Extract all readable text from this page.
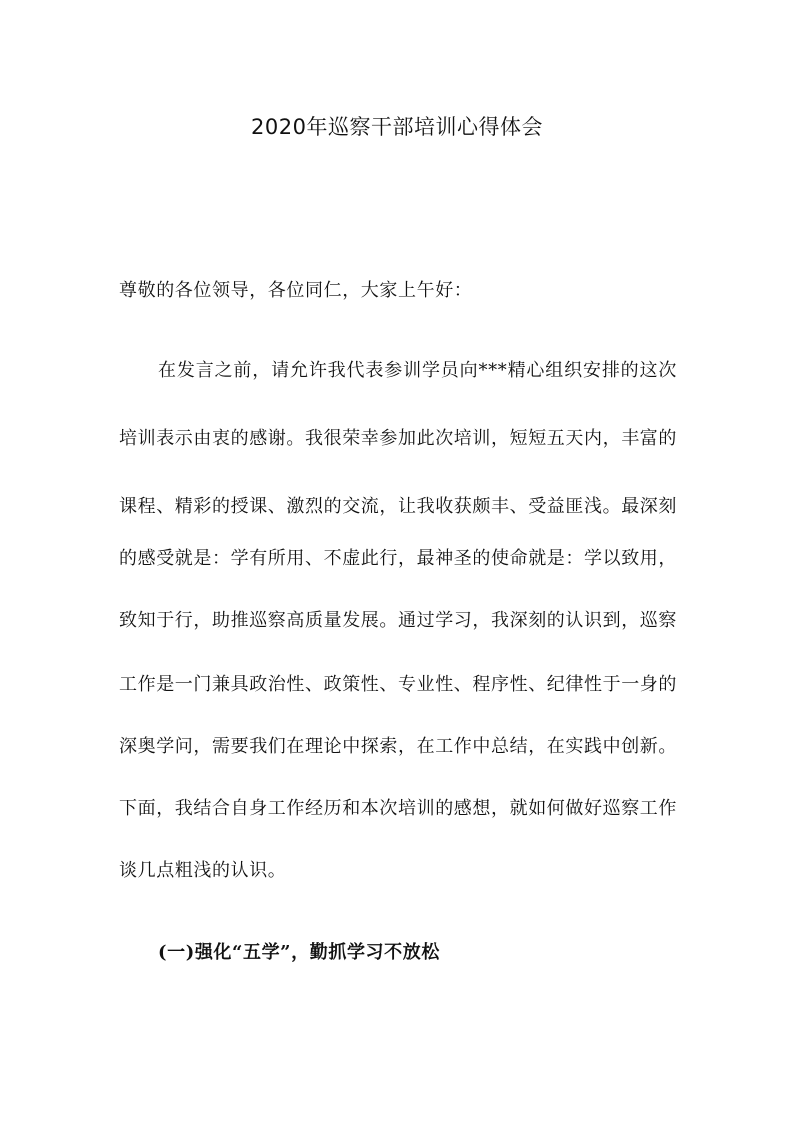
2020年巡察干部培训心得体会
尊敬的各位领导，各位同仁，大家上午好：
在发言之前，请允许我代表参训学员向***精心组织安排的这次
培训表示由衷的感谢。我很荣幸参加此次培训，短短五天内，丰富的
课程、精彩的授课、激烈的交流，让我收获颇丰、受益匪浅。最深刻
的感受就是：学有所用、不虚此行，最神圣的使命就是：学以致用，
致知于行，助推巡察高质量发展。通过学习，我深刻的认识到，巡察
工作是一门兼具政治性、政策性、专业性、程序性、纪律性于一身的
深奥学问，需要我们在理论中探索，在工作中总结，在实践中创新。
下面，我结合自身工作经历和本次培训的感想，就如何做好巡察工作
谈几点粗浅的认识。
(一)强化“五学”，勤抓学习不放松
